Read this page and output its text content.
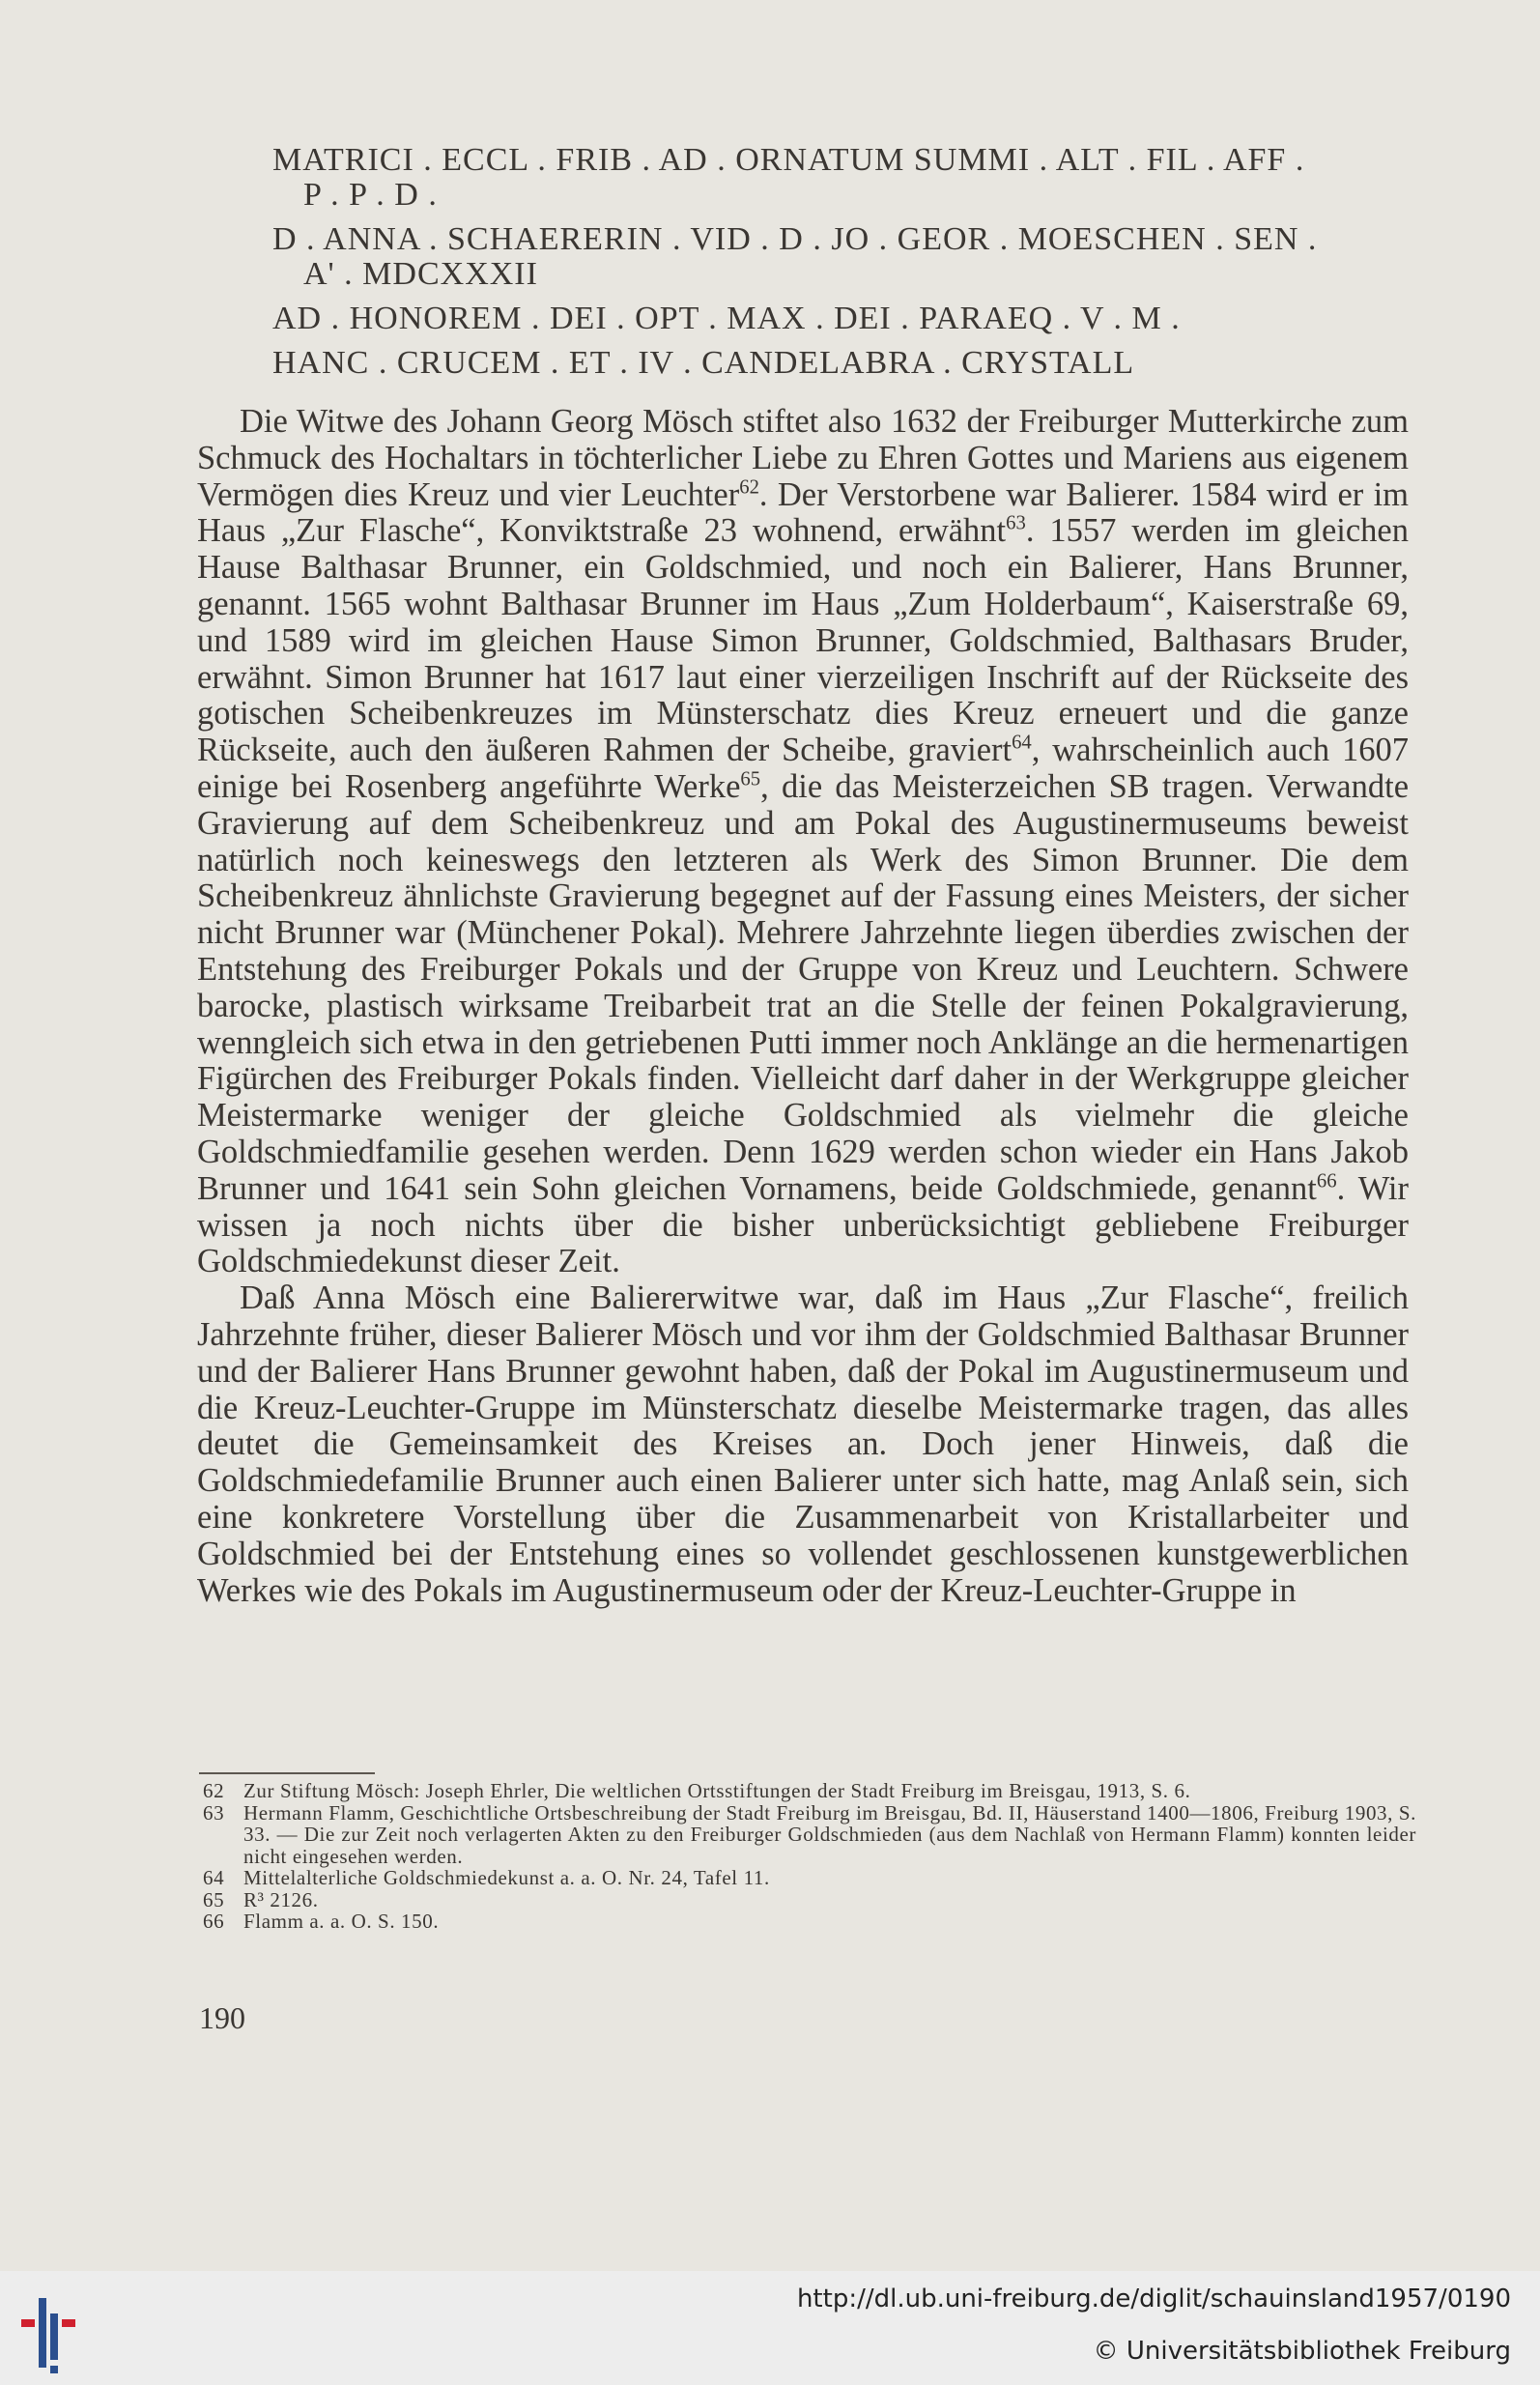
MATRICI . ECCL . FRIB . AD . ORNATUM SUMMI . ALT . FIL . AFF .
P . P . D .
D . ANNA . SCHAERERIN . VID . D . JO . GEOR . MOESCHEN . SEN .
A' . MDCXXXII
AD . HONOREM . DEI . OPT . MAX . DEI . PARAEQ . V . M .
HANC . CRUCEM . ET . IV . CANDELABRA . CRYSTALL

Die Witwe des Johann Georg Mösch stiftet also 1632 der Freiburger Mutterkirche zum Schmuck des Hochaltars in töchterlicher Liebe zu Ehren Gottes und Mariens aus eigenem Vermögen dies Kreuz und vier Leuchter$^{62}$. Der Verstorbene war Balierer. 1584 wird er im Haus „Zur Flasche“, Konviktstraße 23 wohnend, erwähnt$^{63}$. 1557 werden im gleichen Hause Balthasar Brunner, ein Goldschmied, und noch ein Balierer, Hans Brunner, genannt. 1565 wohnt Balthasar Brunner im Haus „Zum Holderbaum“, Kaiserstraße 69, und 1589 wird im gleichen Hause Simon Brunner, Goldschmied, Balthasars Bruder, erwähnt. Simon Brunner hat 1617 laut einer vierzeiligen Inschrift auf der Rückseite des gotischen Scheibenkreuzes im Münsterschatz dies Kreuz erneuert und die ganze Rückseite, auch den äußeren Rahmen der Scheibe, graviert$^{64}$, wahrscheinlich auch 1607 einige bei Rosenberg angeführte Werke$^{65}$, die das Meisterzeichen SB tragen. Verwandte Gravierung auf dem Scheibenkreuz und am Pokal des Augustinermuseums beweist natürlich noch keineswegs den letzteren als Werk des Simon Brunner. Die dem Scheibenkreuz ähnlichste Gravierung begegnet auf der Fassung eines Meisters, der sicher nicht Brunner war (Münchener Pokal). Mehrere Jahrzehnte liegen überdies zwischen der Entstehung des Freiburger Pokals und der Gruppe von Kreuz und Leuchtern. Schwere barocke, plastisch wirksame Treibarbeit trat an die Stelle der feinen Pokalgravierung, wenngleich sich etwa in den getriebenen Putti immer noch Anklänge an die hermenartigen Figürchen des Freiburger Pokals finden. Vielleicht darf daher in der Werkgruppe gleicher Meistermarke weniger der gleiche Goldschmied als vielmehr die gleiche Goldschmiedfamilie gesehen werden. Denn 1629 werden schon wieder ein Hans Jakob Brunner und 1641 sein Sohn gleichen Vornamens, beide Goldschmiede, genannt$^{66}$. Wir wissen ja noch nichts über die bisher unberücksichtigt gebliebene Freiburger Goldschmiedekunst dieser Zeit.

Daß Anna Mösch eine Baliererwitwe war, daß im Haus „Zur Flasche“, freilich Jahrzehnte früher, dieser Balierer Mösch und vor ihm der Goldschmied Balthasar Brunner und der Balierer Hans Brunner gewohnt haben, daß der Pokal im Augustinermuseum und die Kreuz-Leuchter-Gruppe im Münsterschatz dieselbe Meistermarke tragen, das alles deutet die Gemeinsamkeit des Kreises an. Doch jener Hinweis, daß die Goldschmiedefamilie Brunner auch einen Balierer unter sich hatte, mag Anlaß sein, sich eine konkretere Vorstellung über die Zusammenarbeit von Kristallarbeiter und Goldschmied bei der Entstehung eines so vollendet geschlossenen kunstgewerblichen Werkes wie des Pokals im Augustinermuseum oder der Kreuz-Leuchter-Gruppe in

62 Zur Stiftung Mösch: Joseph Ehrler, Die weltlichen Ortsstiftungen der Stadt Freiburg im Breisgau, 1913, S. 6.
63 Hermann Flamm, Geschichtliche Ortsbeschreibung der Stadt Freiburg im Breisgau, Bd. II, Häuserstand 1400—1806, Freiburg 1903, S. 33. — Die zur Zeit noch verlagerten Akten zu den Freiburger Goldschmieden (aus dem Nachlaß von Hermann Flamm) konnten leider nicht eingesehen werden.
64 Mittelalterliche Goldschmiedekunst a. a. O. Nr. 24, Tafel 11.
65 R³ 2126.
66 Flamm a. a. O. S. 150.
190
http://dl.ub.uni-freiburg.de/diglit/schauinsland1957/0190
© Universitätsbibliothek Freiburg
